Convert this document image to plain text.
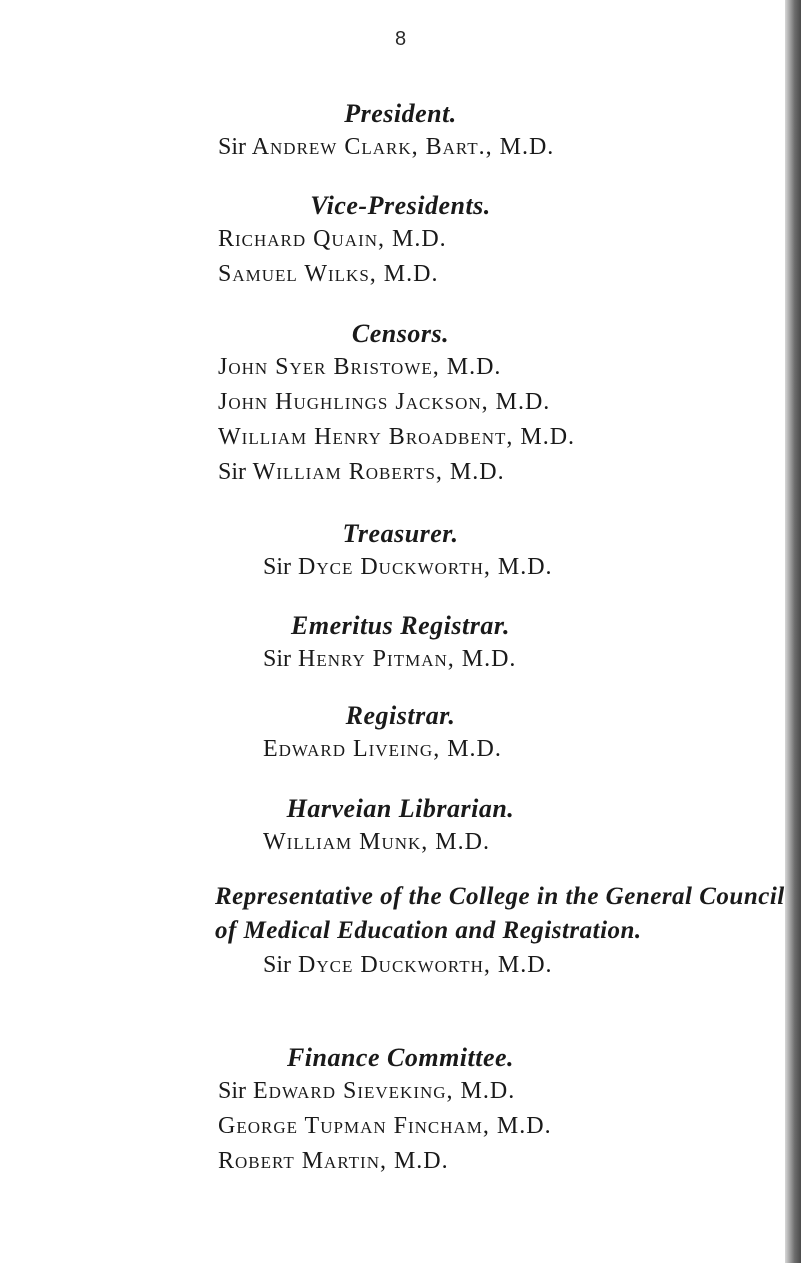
8
President.
Sir Andrew Clark, Bart., M.D.
Vice-Presidents.
Richard Quain, M.D.
Samuel Wilks, M.D.
Censors.
John Syer Bristowe, M.D.
John Hughlings Jackson, M.D.
William Henry Broadbent, M.D.
Sir William Roberts, M.D.
Treasurer.
Sir Dyce Duckworth, M.D.
Emeritus Registrar.
Sir Henry Pitman, M.D.
Registrar.
Edward Liveing, M.D.
Harveian Librarian.
William Munk, M.D.
Representative of the College in the General Council
of Medical Education and Registration.
Sir Dyce Duckworth, M.D.
Finance Committee.
Sir Edward Sieveking, M.D.
George Tupman Fincham, M.D.
Robert Martin, M.D.
